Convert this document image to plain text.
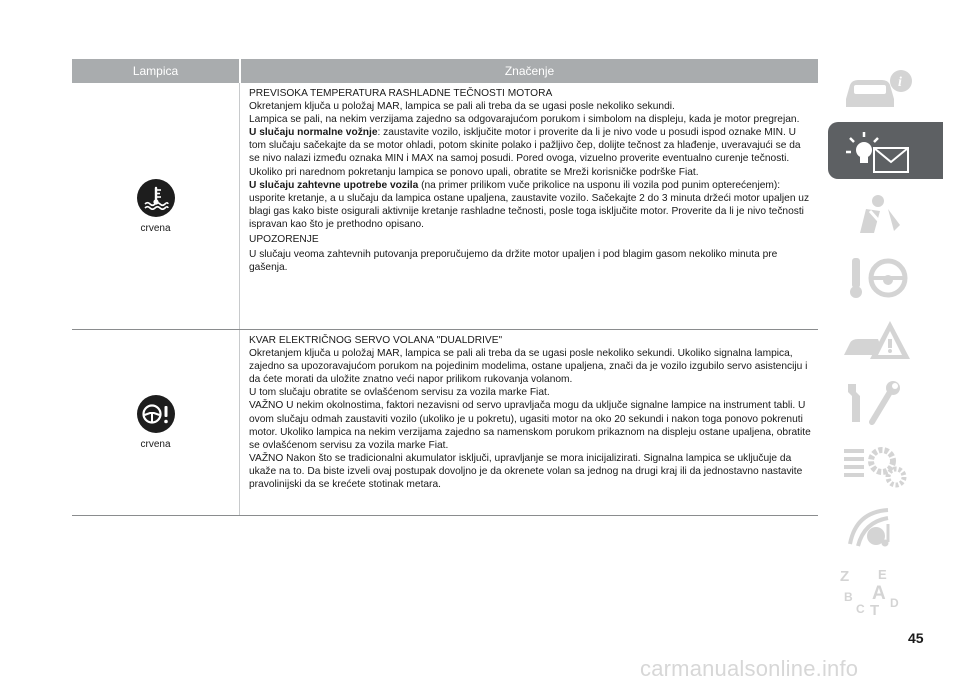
Lampica	Značenje
crvena

PREVISOKA TEMPERATURA RASHLADNE TEČNOSTI MOTORA

Okretanjem ključa u položaj MAR, lampica se pali ali treba da se ugasi posle nekoliko sekundi.

Lampica se pali, na nekim verzijama zajedno sa odgovarajućom porukom i simbolom na displeju, kada je motor pregrejan.

U slučaju normalne vožnje: zaustavite vozilo, isključite motor i proverite da li je nivo vode u posudi ispod oznake MIN. U tom slučaju sačekajte da se motor ohladi, potom skinite polako i pažljivo čep, dolijte tečnost za hlađenje, uveravajući se da se nivo nalazi između oznaka MIN i MAX na samoj posudi. Pored ovoga, vizuelno proverite eventualno curenje tečnosti. Ukoliko pri narednom pokretanju lampica se ponovo upali, obratite se Mreži korisničke podrške Fiat.

U slučaju zahtevne upotrebe vozila (na primer prilikom vuče prikolice na usponu ili vozila pod punim opterećenjem): usporite kretanje, a u slučaju da lampica ostane upaljena, zaustavite vozilo. Sačekajte 2 do 3 minuta držeći motor upaljen uz blagi gas kako biste osigurali aktivnije kretanje rashladne tečnosti, posle toga isključite motor. Proverite da li je nivo tečnosti ispravan kao što je prethodno opisano.

UPOZORENJE

U slučaju veoma zahtevnih putovanja preporučujemo da držite motor upaljen i pod blagim gasom nekoliko minuta pre gašenja.

crvena

KVAR ELEKTRIČNOG SERVO VOLANA "DUALDRIVE"

Okretanjem ključa u položaj MAR, lampica se pali ali treba da se ugasi posle nekoliko sekundi. Ukoliko signalna lampica, zajedno sa upozoravajućom porukom na pojedinim modelima, ostane upaljena, znači da je vozilo izgubilo servo asistenciju i da ćete morati da uložite znatno veći napor prilikom rukovanja volanom.

U tom slučaju obratite se ovlašćenom servisu za vozila marke Fiat.

VAŽNO U nekim okolnostima, faktori nezavisni od servo upravljača mogu da uključe signalne lampice na instrument tabli. U ovom slučaju odmah zaustaviti vozilo (ukoliko je u pokretu), ugasiti motor na oko 20 sekundi i nakon toga ponovo pokrenuti motor. Ukoliko lampica na nekim verzijama zajedno sa namenskom porukom prikaznom na displeju ostane upaljena, obratite se ovlašćenom servisu za vozila marke Fiat.

VAŽNO Nakon što se tradicionalni akumulator isključi, upravljanje se mora inicijalizirati. Signalna lampica se uključuje da ukaže na to. Da biste izveli ovaj postupak dovoljno je da okrenete volan sa jednog na drugi kraj ili da jednostavno nastavite pravolinijski da se krećete stotinak metara.

i
Z E
A
B
C D
T
45
carmanualsonline.info
